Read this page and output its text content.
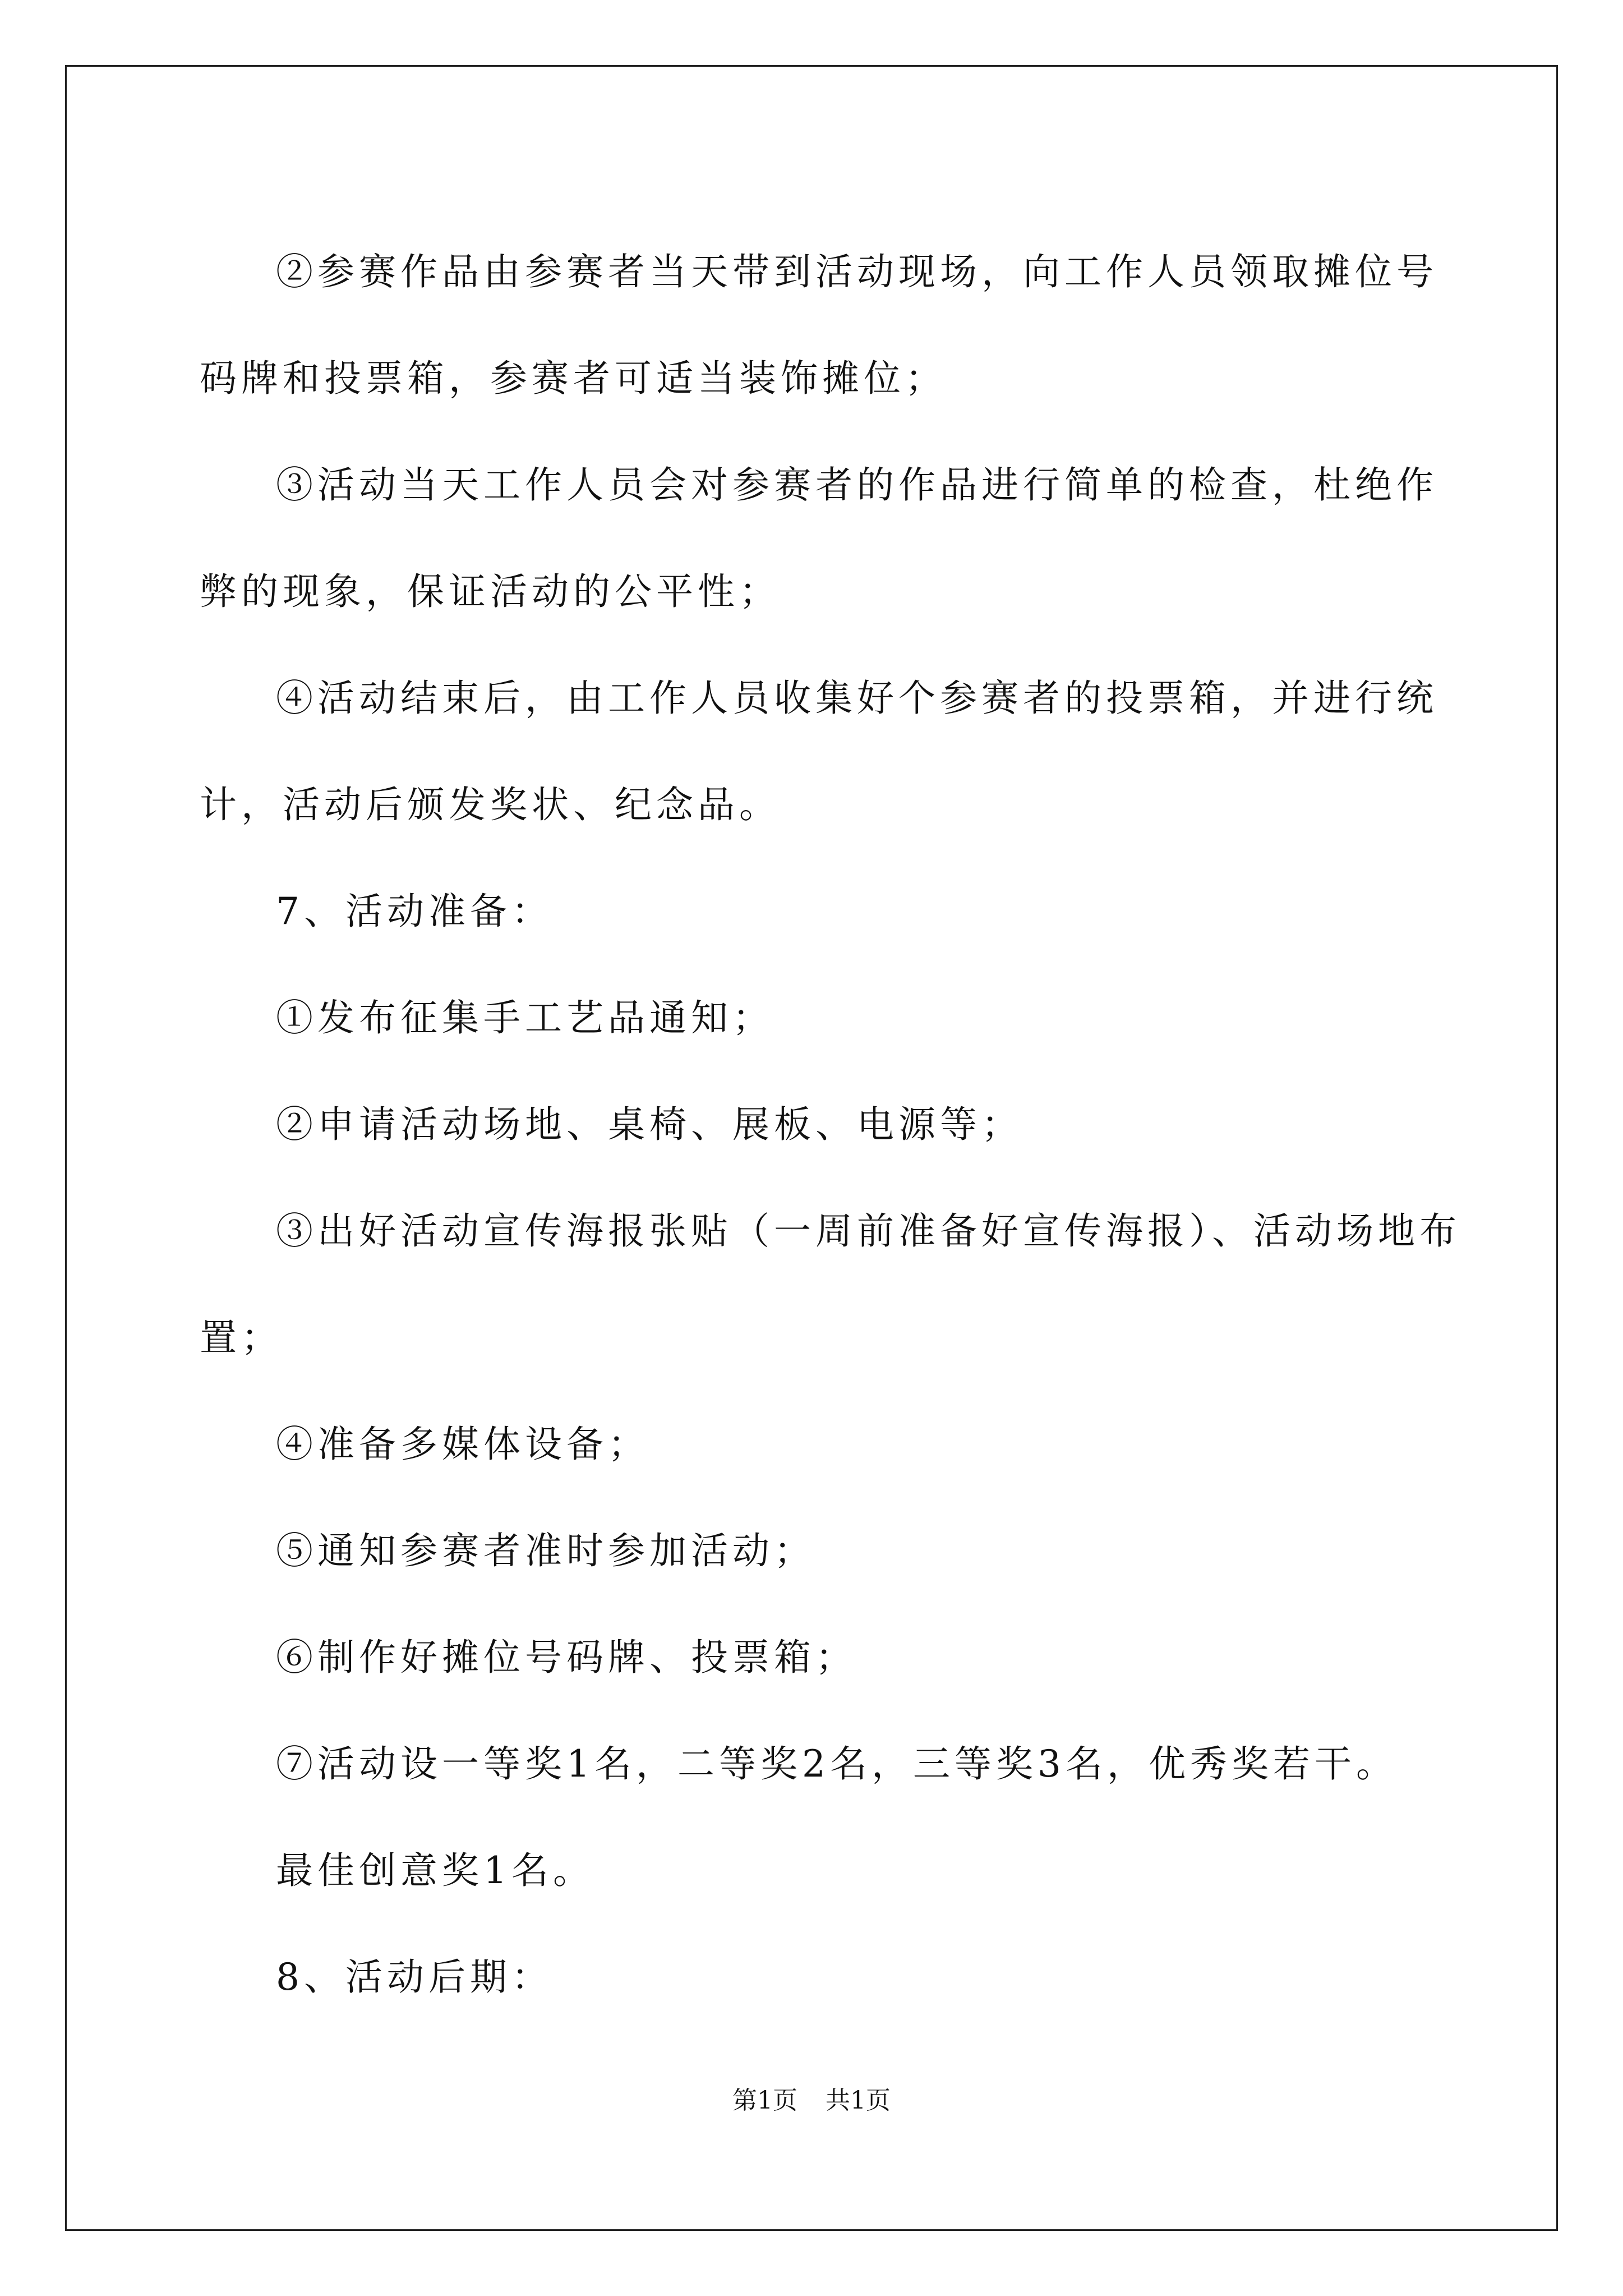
②参赛作品由参赛者当天带到活动现场，向工作人员领取摊位号

码牌和投票箱，参赛者可适当装饰摊位；

③活动当天工作人员会对参赛者的作品进行简单的检查，杜绝作

弊的现象，保证活动的公平性；

④活动结束后，由工作人员收集好个参赛者的投票箱，并进行统

计，活动后颁发奖状、纪念品。

7、活动准备：

①发布征集手工艺品通知；

②申请活动场地、桌椅、展板、电源等；

③出好活动宣传海报张贴（一周前准备好宣传海报）、活动场地布

置；

④准备多媒体设备；

⑤通知参赛者准时参加活动；

⑥制作好摊位号码牌、投票箱；

⑦活动设一等奖1名，二等奖2名，三等奖3名，优秀奖若干。

最佳创意奖1名。

8、活动后期：

第1页 共1页
